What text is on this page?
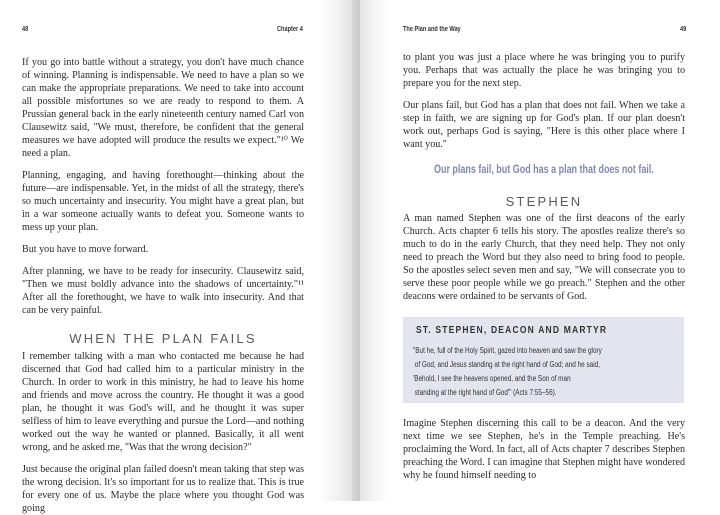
48	Chapter 4

If you go into battle without a strategy, you don't have much chance of winning. Planning is indispensable. We need to have a plan so we can make the appropriate preparations. We need to take into account all possible misfortunes so we are ready to respond to them. A Prussian general back in the early nineteenth century named Carl von Clausewitz said, "We must, therefore, be confident that the general measures we have adopted will produce the results we expect."¹⁰ We need a plan.

Planning, engaging, and having forethought—thinking about the future—are indispensable. Yet, in the midst of all the strategy, there's so much uncertainty and insecurity. You might have a great plan, but in a war someone actually wants to defeat you. Someone wants to mess up your plan.

But you have to move forward.

After planning, we have to be ready for insecurity. Clausewitz said, "Then we must boldly advance into the shadows of uncertainty."¹¹ After all the forethought, we have to walk into insecurity. And that can be very painful.

WHEN THE PLAN FAILS

I remember talking with a man who contacted me because he had discerned that God had called him to a particular ministry in the Church. In order to work in this ministry, he had to leave his home and friends and move across the country. He thought it was a good plan, he thought it was God's will, and he thought it was super selfless of him to leave everything and pursue the Lord—and nothing worked out the way he wanted or planned. Basically, it all went wrong, and he asked me, "Was that the wrong decision?"

Just because the original plan failed doesn't mean taking that step was the wrong decision. It's so important for us to realize that. This is true for every one of us. Maybe the place where you thought God was going

The Plan and the Way	49

to plant you was just a place where he was bringing you to purify you. Perhaps that was actually the place he was bringing you to prepare you for the next step.

Our plans fail, but God has a plan that does not fail. When we take a step in faith, we are signing up for God's plan. If our plan doesn't work out, perhaps God is saying, "Here is this other place where I want you."

Our plans fail, but God has a plan that does not fail.
STEPHEN

A man named Stephen was one of the first deacons of the early Church. Acts chapter 6 tells his story. The apostles realize there's so much to do in the early Church, that they need help. They not only need to preach the Word but they also need to bring food to people. So the apostles select seven men and say, "We will consecrate you to serve these poor people while we go preach." Stephen and the other deacons were ordained to be servants of God.

ST. STEPHEN, DEACON AND MARTYR
"But he, full of the Holy Spirit, gazed into heaven and saw the glory
of God, and Jesus standing at the right hand of God; and he said,
'Behold, I see the heavens opened, and the Son of man
standing at the right hand of God'" (Acts 7:55–56).

Imagine Stephen discerning this call to be a deacon. And the very next time we see Stephen, he's in the Temple preaching. He's proclaiming the Word. In fact, all of Acts chapter 7 describes Stephen preaching the Word. I can imagine that Stephen might have wondered why he found himself needing to
